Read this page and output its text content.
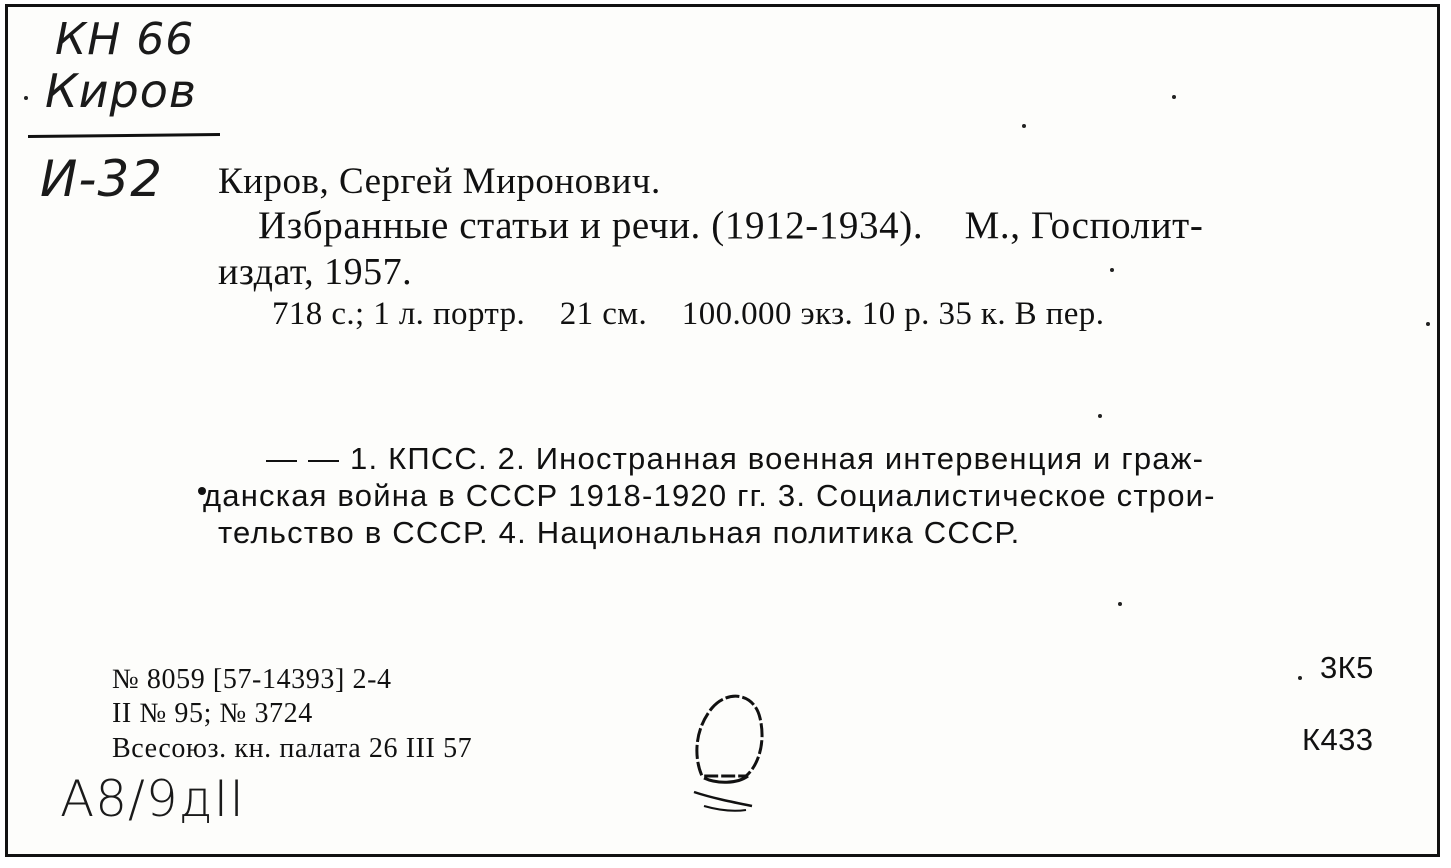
КН 66
Киров
И-32
А8/9дII
Киров, Сергей Миронович.
Избранные статьи и речи. (1912-1934).    М., Госполит-
издат, 1957.
718 с.; 1 л. портр.    21 см.    100.000 экз. 10 р. 35 к. В пер.
— — 1. КПСС. 2. Иностранная военная интервенция и граж-
данская война в СССР 1918-1920 гг. 3. Социалистическое строи-
тельство в СССР. 4. Национальная политика СССР.
№ 8059 [57-14393] 2-4
II № 95; № 3724
Всесоюз. кн. палата 26 III 57
3К5
К433
